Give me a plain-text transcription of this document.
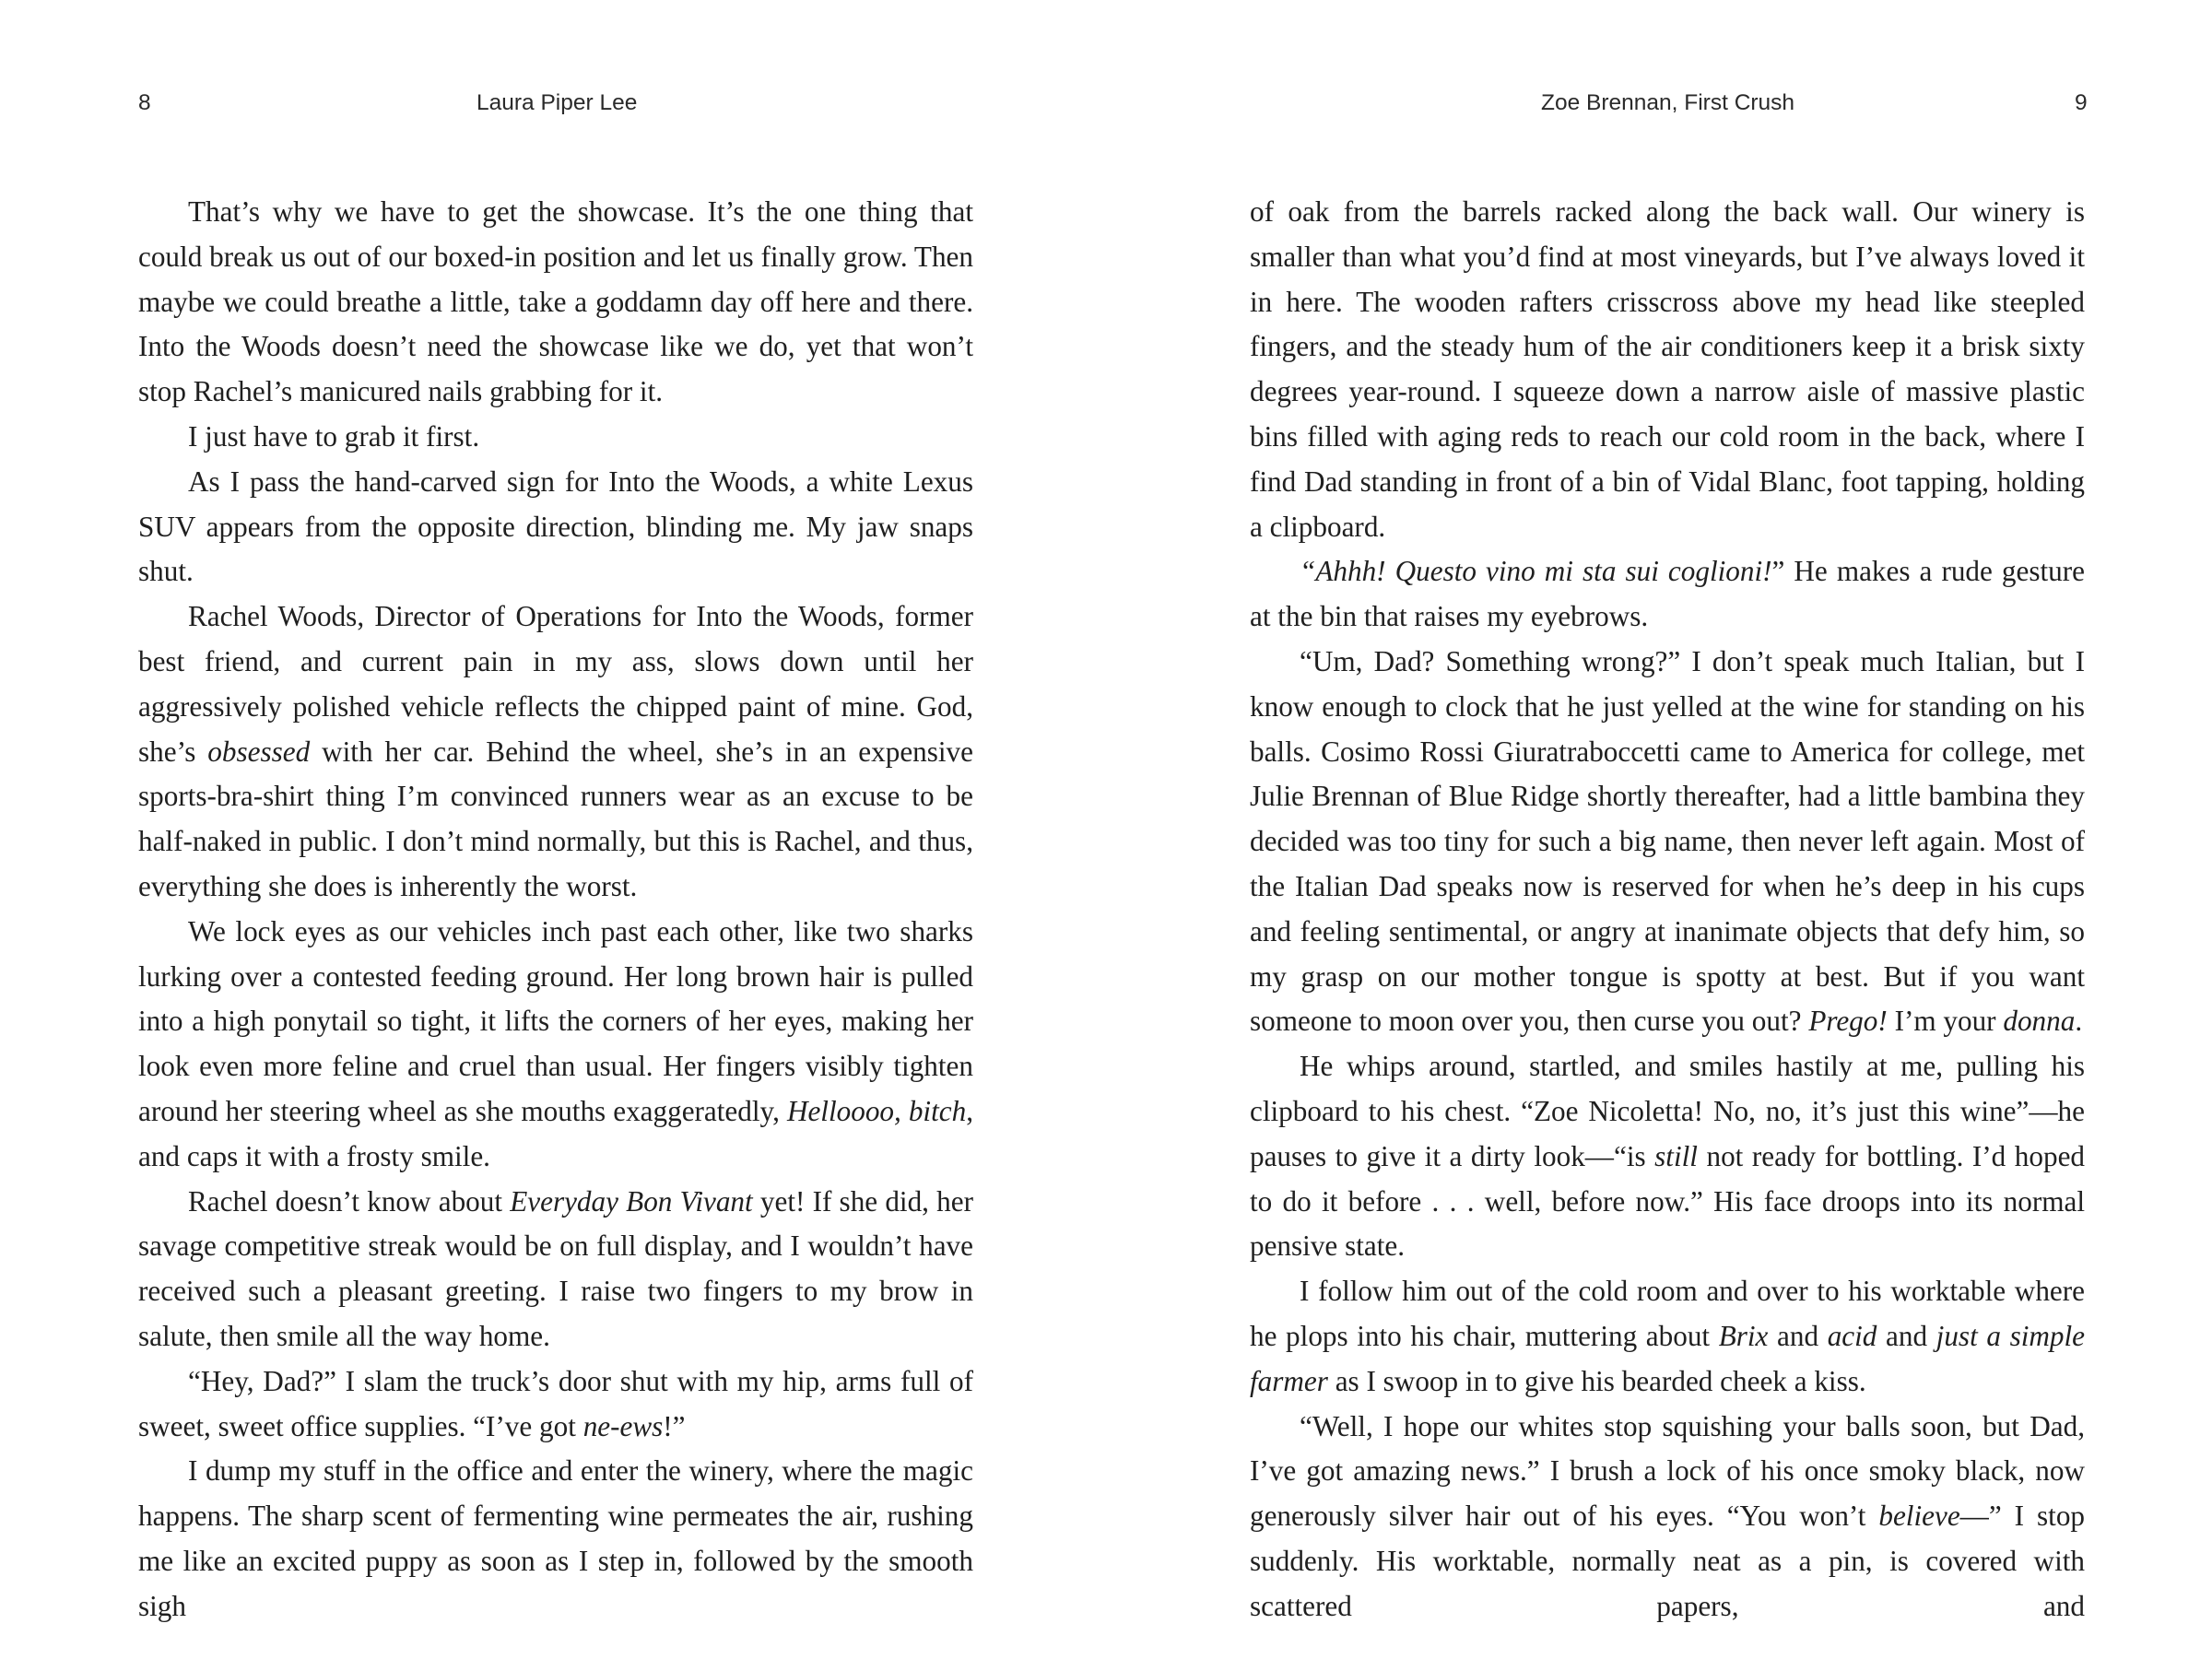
8	Laura Piper Lee

That’s why we have to get the showcase. It’s the one thing that could break us out of our boxed-in position and let us finally grow. Then maybe we could breathe a little, take a goddamn day off here and there. Into the Woods doesn’t need the showcase like we do, yet that won’t stop Rachel’s manicured nails grabbing for it.

I just have to grab it first.

As I pass the hand-carved sign for Into the Woods, a white Lexus SUV appears from the opposite direction, blinding me. My jaw snaps shut.

Rachel Woods, Director of Operations for Into the Woods, former best friend, and current pain in my ass, slows down until her aggressively polished vehicle reflects the chipped paint of mine. God, she’s obsessed with her car. Behind the wheel, she’s in an expensive sports-bra-shirt thing I’m convinced runners wear as an excuse to be half-naked in public. I don’t mind normally, but this is Rachel, and thus, everything she does is inherently the worst.

We lock eyes as our vehicles inch past each other, like two sharks lurking over a contested feeding ground. Her long brown hair is pulled into a high ponytail so tight, it lifts the corners of her eyes, making her look even more feline and cruel than usual. Her fingers visibly tighten around her steering wheel as she mouths exaggeratedly, Helloooo, bitch, and caps it with a frosty smile.

Rachel doesn’t know about Everyday Bon Vivant yet! If she did, her savage competitive streak would be on full display, and I wouldn’t have received such a pleasant greeting. I raise two fingers to my brow in salute, then smile all the way home.

“Hey, Dad?” I slam the truck’s door shut with my hip, arms full of sweet, sweet office supplies. “I’ve got ne-ews!”

I dump my stuff in the office and enter the winery, where the magic happens. The sharp scent of fermenting wine permeates the air, rushing me like an excited puppy as soon as I step in, followed by the smooth sigh

Zoe Brennan, First Crush	9

of oak from the barrels racked along the back wall. Our winery is smaller than what you’d find at most vineyards, but I’ve always loved it in here. The wooden rafters crisscross above my head like steepled fingers, and the steady hum of the air conditioners keep it a brisk sixty degrees year-round. I squeeze down a narrow aisle of massive plastic bins filled with aging reds to reach our cold room in the back, where I find Dad standing in front of a bin of Vidal Blanc, foot tapping, holding a clipboard.

“Ahhh! Questo vino mi sta sui coglioni!” He makes a rude gesture at the bin that raises my eyebrows.

“Um, Dad? Something wrong?” I don’t speak much Italian, but I know enough to clock that he just yelled at the wine for standing on his balls. Cosimo Rossi Giuratraboccetti came to America for college, met Julie Brennan of Blue Ridge shortly thereafter, had a little bambina they decided was too tiny for such a big name, then never left again. Most of the Italian Dad speaks now is reserved for when he’s deep in his cups and feeling sentimental, or angry at inanimate objects that defy him, so my grasp on our mother tongue is spotty at best. But if you want someone to moon over you, then curse you out? Prego! I’m your donna.

He whips around, startled, and smiles hastily at me, pulling his clipboard to his chest. “Zoe Nicoletta! No, no, it’s just this wine”—he pauses to give it a dirty look—“is still not ready for bottling. I’d hoped to do it before . . . well, before now.” His face droops into its normal pensive state.

I follow him out of the cold room and over to his worktable where he plops into his chair, muttering about Brix and acid and just a simple farmer as I swoop in to give his bearded cheek a kiss.

“Well, I hope our whites stop squishing your balls soon, but Dad, I’ve got amazing news.” I brush a lock of his once smoky black, now generously silver hair out of his eyes. “You won’t believe—” I stop suddenly. His worktable, normally neat as a pin, is covered with scattered papers, and
